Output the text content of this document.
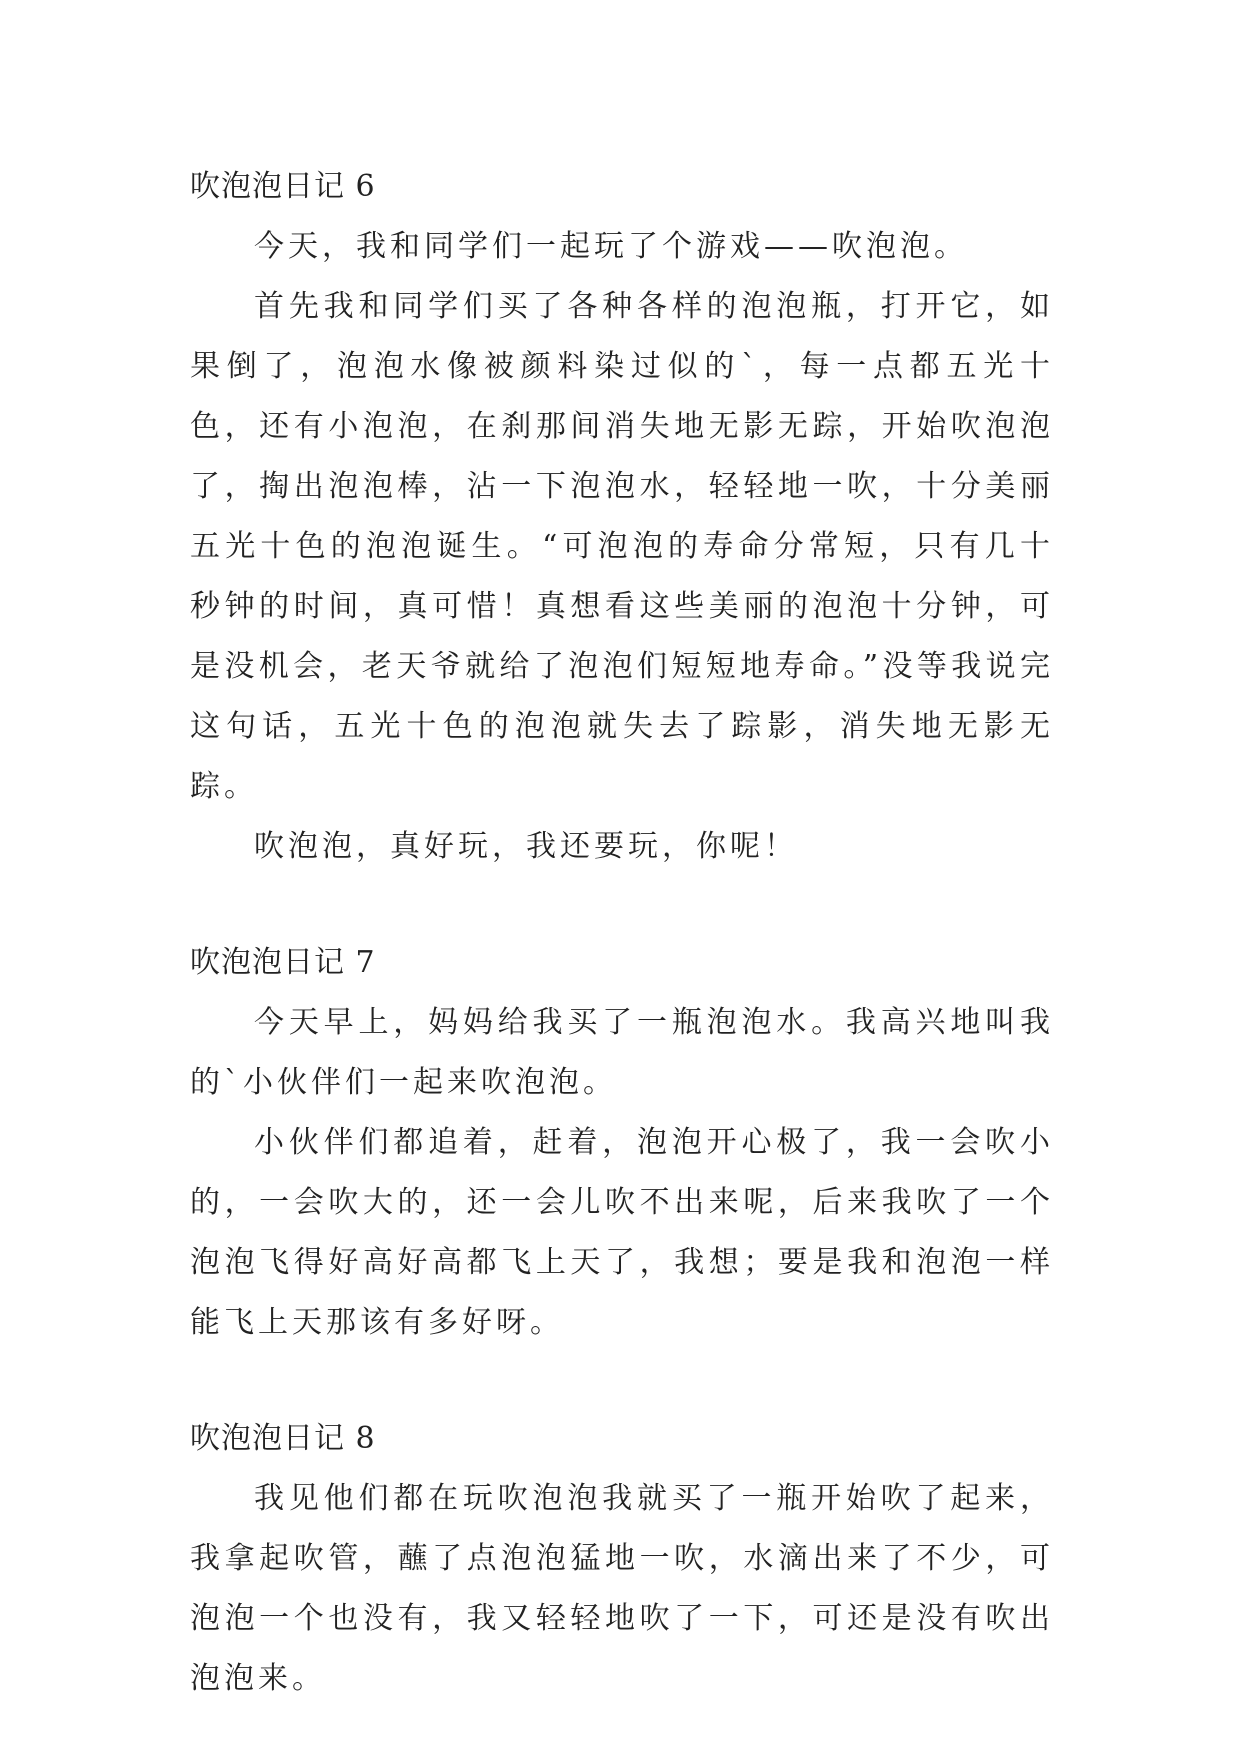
吹泡泡日记 6

今天，我和同学们一起玩了个游戏——吹泡泡。

首先我和同学们买了各种各样的泡泡瓶，打开它，如果倒了，泡泡水像被颜料染过似的`，每一点都五光十色，还有小泡泡，在刹那间消失地无影无踪，开始吹泡泡了，掏出泡泡棒，沾一下泡泡水，轻轻地一吹，十分美丽五光十色的泡泡诞生。“可泡泡的寿命分常短，只有几十秒钟的时间，真可惜！真想看这些美丽的泡泡十分钟，可是没机会，老天爷就给了泡泡们短短地寿命。”没等我说完这句话，五光十色的泡泡就失去了踪影，消失地无影无踪。

吹泡泡，真好玩，我还要玩，你呢！

吹泡泡日记 7

今天早上，妈妈给我买了一瓶泡泡水。我高兴地叫我的`小伙伴们一起来吹泡泡。

小伙伴们都追着，赶着，泡泡开心极了，我一会吹小的，一会吹大的，还一会儿吹不出来呢，后来我吹了一个泡泡飞得好高好高都飞上天了，我想；要是我和泡泡一样能飞上天那该有多好呀。

吹泡泡日记 8

我见他们都在玩吹泡泡我就买了一瓶开始吹了起来，我拿起吹管，蘸了点泡泡猛地一吹，水滴出来了不少，可泡泡一个也没有，我又轻轻地吹了一下，可还是没有吹出泡泡来。
